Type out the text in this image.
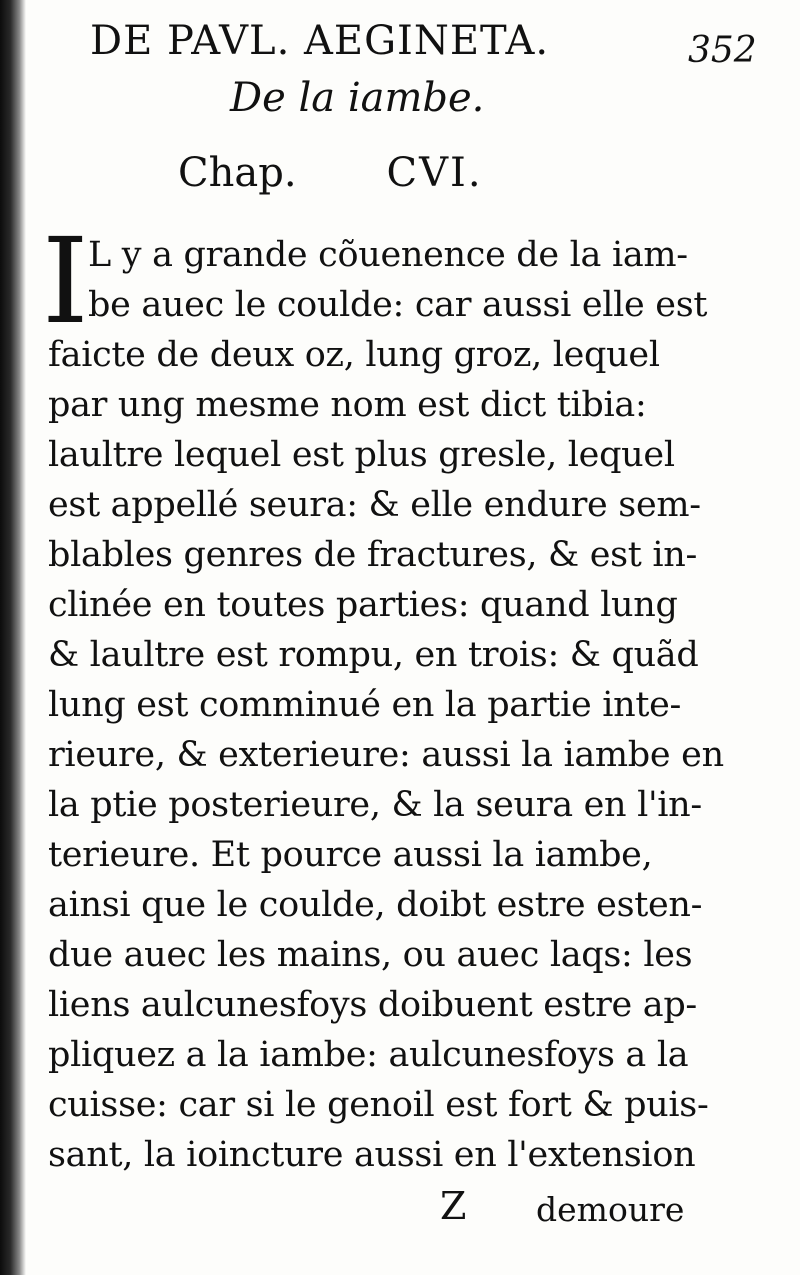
DE PAVL. AEGINETA.	352
De la iambe.
Chap. CVI.
I L y a grande cõuenence de la iam-
be auec le coulde: car aussi elle est
faicte de deux oz, lung groz, lequel
par ung mesme nom est dict tibia:
laultre lequel est plus gresle, lequel
est appellé seura: & elle endure sem-
blables genres de fractures, & est in-
clinée en toutes parties: quand lung
& laultre est rompu, en trois: & quãd
lung est comminué en la partie inte-
rieure, & exterieure: aussi la iambe en
la ptie posterieure, & la seura en l'in-
terieure. Et pource aussi la iambe,
ainsi que le coulde, doibt estre esten-
due auec les mains, ou auec laqs: les
liens aulcunesfoys doibuent estre ap-
pliquez a la iambe: aulcunesfoys a la
cuisse: car si le genoil est fort & puis-
sant, la ioincture aussi en l'extension
Z demoure
